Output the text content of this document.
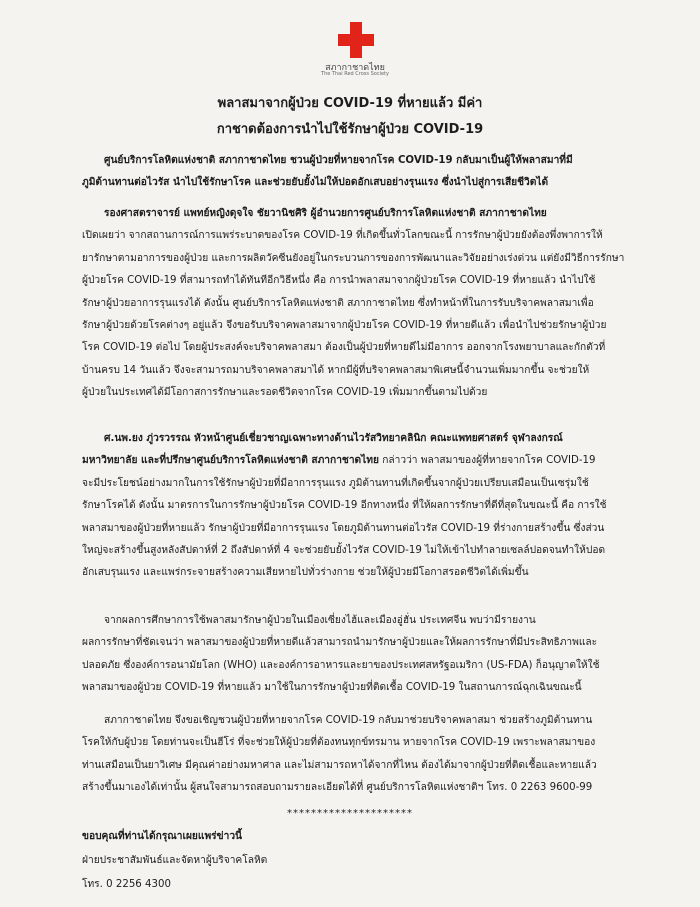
สภากาชาดไทย
The Thai Red Cross Society
พลาสมาจากผู้ป่วย COVID-19 ที่หายแล้ว มีค่า
กาชาดต้องการนำไปใช้รักษาผู้ป่วย COVID-19

ศูนย์บริการโลหิตแห่งชาติ สภากาชาดไทย ชวนผู้ป่วยที่หายจากโรค COVID-19 กลับมาเป็นผู้ให้พลาสมาที่มี

ภูมิต้านทานต่อไวรัส นำไปใช้รักษาโรค และช่วยยับยั้งไม่ให้ปอดอักเสบอย่างรุนแรง ซึ่งนำไปสู่การเสียชีวิตได้

รองศาสตราจารย์ แพทย์หญิงดุจใจ ชัยวานิชศิริ ผู้อำนวยการศูนย์บริการโลหิตแห่งชาติ สภากาชาดไทย

เปิดเผยว่า จากสถานการณ์การแพร่ระบาดของโรค COVID-19 ที่เกิดขึ้นทั่วโลกขณะนี้ การรักษาผู้ป่วยยังต้องพึ่งพาการให้

ยารักษาตามอาการของผู้ป่วย และการผลิตวัคซีนยังอยู่ในกระบวนการของการพัฒนาและวิจัยอย่างเร่งด่วน แต่ยังมีวิธีการรักษา

ผู้ป่วยโรค COVID-19 ที่สามารถทำได้ทันทีอีกวิธีหนึ่ง คือ การนำพลาสมาจากผู้ป่วยโรค COVID-19 ที่หายแล้ว นำไปใช้

รักษาผู้ป่วยอาการรุนแรงได้ ดังนั้น ศูนย์บริการโลหิตแห่งชาติ สภากาชาดไทย ซึ่งทำหน้าที่ในการรับบริจาคพลาสมาเพื่อ

รักษาผู้ป่วยด้วยโรคต่างๆ อยู่แล้ว จึงขอรับบริจาคพลาสมาจากผู้ป่วยโรค COVID-19 ที่หายดีแล้ว เพื่อนำไปช่วยรักษาผู้ป่วย

โรค COVID-19 ต่อไป โดยผู้ประสงค์จะบริจาคพลาสมา ต้องเป็นผู้ป่วยที่หายดีไม่มีอาการ ออกจากโรงพยาบาลและกักตัวที่

บ้านครบ 14 วันแล้ว จึงจะสามารถมาบริจาคพลาสมาได้ หากมีผู้ที่บริจาคพลาสมาพิเศษนี้จำนวนเพิ่มมากขึ้น จะช่วยให้

ผู้ป่วยในประเทศได้มีโอกาสการรักษาและรอดชีวิตจากโรค COVID-19 เพิ่มมากขึ้นตามไปด้วย

ศ.นพ.ยง ภู่วรวรรณ หัวหน้าศูนย์เชี่ยวชาญเฉพาะทางด้านไวรัสวิทยาคลินิก คณะแพทยศาสตร์ จุฬาลงกรณ์

มหาวิทยาลัย และที่ปรึกษาศูนย์บริการโลหิตแห่งชาติ สภากาชาดไทย กล่าวว่า พลาสมาของผู้ที่หายจากโรค COVID-19

จะมีประโยชน์อย่างมากในการใช้รักษาผู้ป่วยที่มีอาการรุนแรง ภูมิต้านทานที่เกิดขึ้นจากผู้ป่วยเปรียบเสมือนเป็นเซรุ่มใช้

รักษาโรคได้ ดังนั้น มาตรการในการรักษาผู้ป่วยโรค COVID-19 อีกทางหนึ่ง ที่ให้ผลการรักษาที่ดีที่สุดในขณะนี้ คือ การใช้

พลาสมาของผู้ป่วยที่หายแล้ว รักษาผู้ป่วยที่มีอาการรุนแรง โดยภูมิต้านทานต่อไวรัส COVID-19 ที่ร่างกายสร้างขึ้น ซึ่งส่วน

ใหญ่จะสร้างขึ้นสูงหลังสัปดาห์ที่ 2 ถึงสัปดาห์ที่ 4 จะช่วยยับยั้งไวรัส COVID-19 ไม่ให้เข้าไปทำลายเซลล์ปอดจนทำให้ปอด

อักเสบรุนแรง และแพร่กระจายสร้างความเสียหายไปทั่วร่างกาย ช่วยให้ผู้ป่วยมีโอกาสรอดชีวิตได้เพิ่มขึ้น

จากผลการศึกษาการใช้พลาสมารักษาผู้ป่วยในเมืองเซี่ยงไฮ้และเมืองอู่ฮั่น ประเทศจีน พบว่ามีรายงาน

ผลการรักษาที่ชัดเจนว่า พลาสมาของผู้ป่วยที่หายดีแล้วสามารถนำมารักษาผู้ป่วยและให้ผลการรักษาที่มีประสิทธิภาพและ

ปลอดภัย ซึ่งองค์การอนามัยโลก (WHO) และองค์การอาหารและยาของประเทศสหรัฐอเมริกา (US-FDA) ก็อนุญาตให้ใช้

พลาสมาของผู้ป่วย COVID-19 ที่หายแล้ว มาใช้ในการรักษาผู้ป่วยที่ติดเชื้อ COVID-19 ในสถานการณ์ฉุกเฉินขณะนี้

สภากาชาดไทย จึงขอเชิญชวนผู้ป่วยที่หายจากโรค COVID-19 กลับมาช่วยบริจาคพลาสมา ช่วยสร้างภูมิต้านทาน

โรคให้กับผู้ป่วย โดยท่านจะเป็นฮีโร่ ที่จะช่วยให้ผู้ป่วยที่ต้องทนทุกข์ทรมาน หายจากโรค COVID-19 เพราะพลาสมาของ

ท่านเสมือนเป็นยาวิเศษ มีคุณค่าอย่างมหาศาล และไม่สามารถหาได้จากที่ไหน ต้องได้มาจากผู้ป่วยที่ติดเชื้อและหายแล้ว

สร้างขึ้นมาเองได้เท่านั้น ผู้สนใจสามารถสอบถามรายละเอียดได้ที่ ศูนย์บริการโลหิตแห่งชาติฯ โทร. 0 2263 9600-99

*********************
ขอบคุณที่ท่านได้กรุณาเผยแพร่ข่าวนี้
ฝ่ายประชาสัมพันธ์และจัดหาผู้บริจาคโลหิต
โทร. 0 2256 4300
